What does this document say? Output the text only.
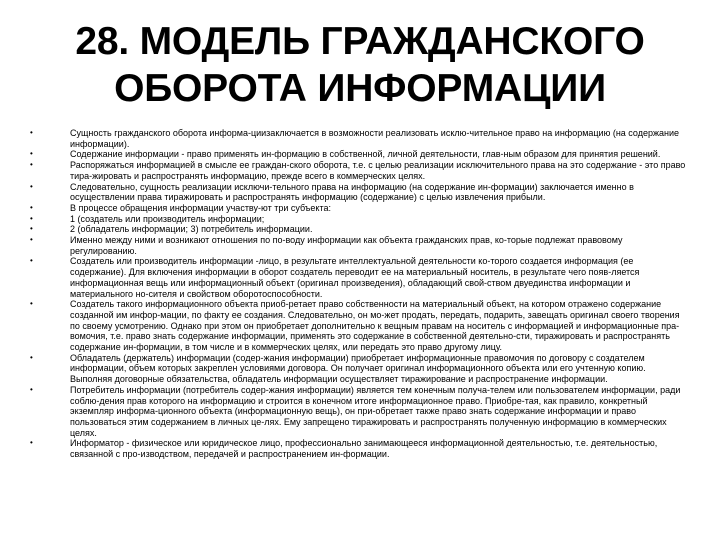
28. МОДЕЛЬ ГРАЖДАНСКОГО
ОБОРОТА ИНФОРМАЦИИ
•	Сущность гражданского оборота информа-циизаключается в возможности реализовать исклю-чительное право на информацию (на содержание информации).
•	Содержание информации - право применять ин-формацию в собственной, личной деятельности, глав-ным образом для принятия решений.
•	Распоряжаться информацией в смысле ее граждан-ского оборота, т.е. с целью реализации исключительного права на это содержание - это право тира-жировать и распространять информацию, прежде всего в коммерческих целях.
•	Следовательно, сущность реализации исключи-тельного права на информацию (на содержание ин-формации) заключается именно в осуществлении права тиражировать и распространять информацию (содержание) с целью извлечения прибыли.
•	В процессе обращения информации участву-ют три субъекта:
•	1 (создатель или производитель информации;
•	2 (обладатель информации; 3) потребитель информации.
•	Именно между ними и возникают отношения по по-воду информации как объекта гражданских прав, ко-торые подлежат правовому регулированию.
•	Создатель или производитель информации -лицо, в результате интеллектуальной деятельности ко-торого создается информация (ее содержание). Для включения информации в оборот создатель переводит ее на материальный носитель, в результате чего появ-ляется информационная вещь или информационный объект (оригинал произведения), обладающий свой-ством двуединства информации и материального но-сителя и свойством оборотоспособности.
•	Создатель такого информационного объекта приоб-ретает право собственности на материальный объект, на котором отражено содержание созданной им инфор-мации, по факту ее создания. Следовательно, он мо-жет продать, передать, подарить, завещать оригинал своего творения по своему усмотрению. Однако при этом он приобретает дополнительно к вещным правам на носитель с информацией и информационные пра-вомочия, т.е. право знать содержание информации, применять это содержание в собственной деятельно-сти, тиражировать и распространять содержание ин-формации, в том числе и в коммерческих целях, или передать это право другому лицу.
•	Обладатель (держатель) информации (содер-жания информации) приобретает информационные правомочия по договору с создателем информации, объем которых закреплен условиями договора. Он получает оригинал информационного объекта или его учтенную копию. Выполняя договорные обязательства, обладатель информации осуществляет тиражирование и распространение информации.
•	Потребитель информации (потребитель содер-жания информации) является тем конечным получа-телем или пользователем информации, ради соблю-дения прав которого на информацию и строится в конечном итоге информационное право. Приобре-тая, как правило, конкретный экземпляр информа-ционного объекта (информационную вещь), он при-обретает также право знать содержание информации и право пользоваться этим содержанием в личных це-лях. Ему запрещено тиражировать и распространять полученную информацию в коммерческих целях.
•	Информатор - физическое или юридическое лицо, профессионально занимающееся информационной деятельностью, т.е. деятельностью, связанной с про-изводством, передачей и распространением ин-формации.
